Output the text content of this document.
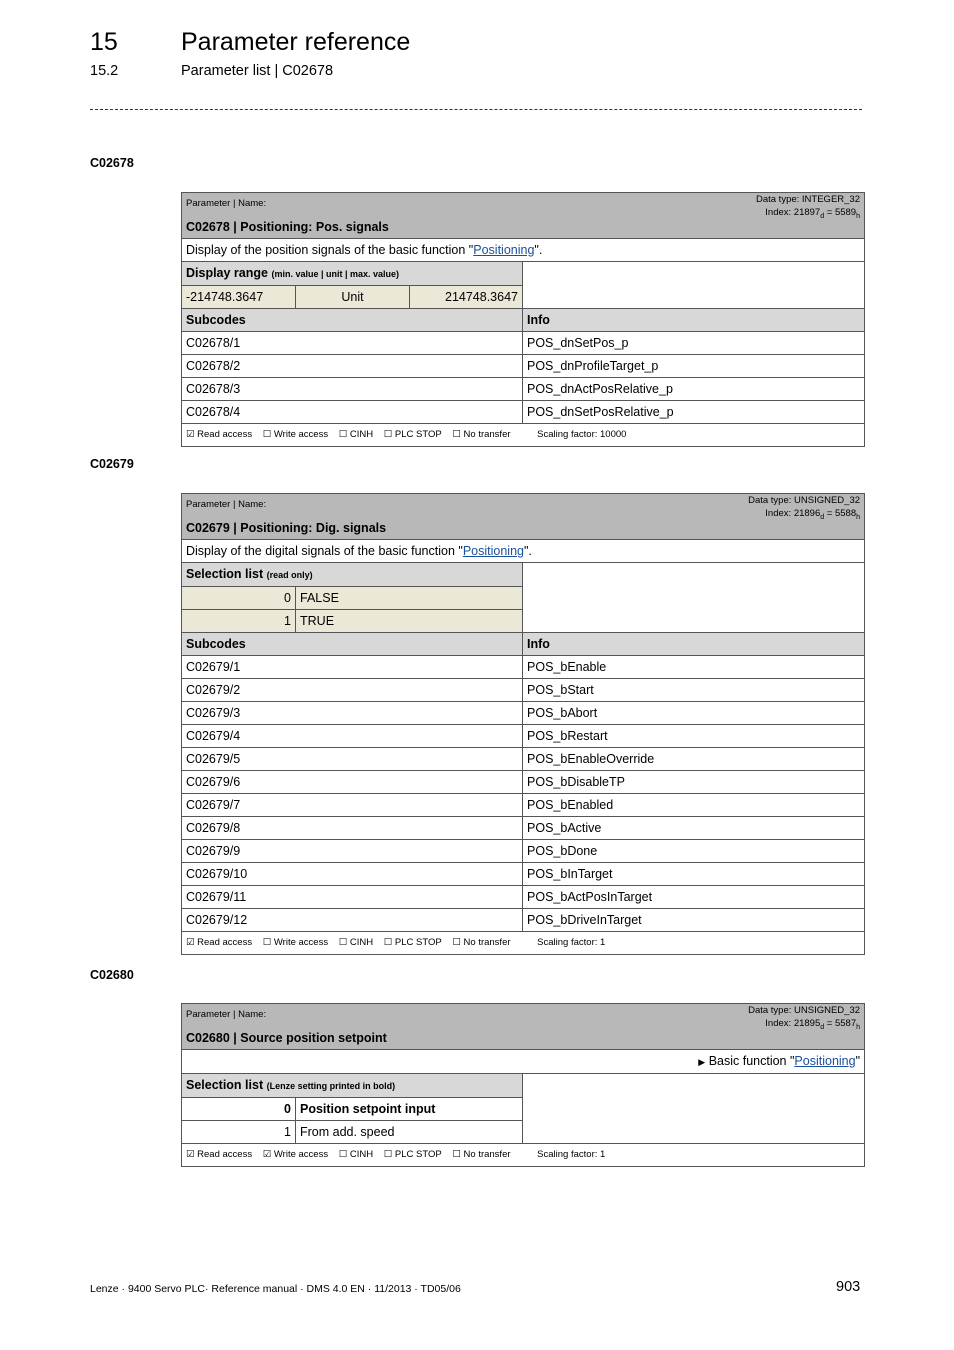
15	Parameter reference
15.2	Parameter list | C02678
C02678
Parameter | Name:
C02678 | Positioning: Pos. signals			Data type: INTEGER_32
Index: $21897_d = 5589_h$
Display of the position signals of the basic function "Positioning".			
Display range (min. value | unit | max. value)			
-214748.3647	Unit	214748.3647	
Subcodes			Info
C02678/1			POS_dnSetPos_p
C02678/2			POS_dnProfileTarget_p
C02678/3			POS_dnActPosRelative_p
C02678/4			POS_dnSetPosRelative_p
☑ Read access ☐ Write access ☐ CINH ☐ PLC STOP ☐ No transfer Scaling factor: 10000			
C02679
Parameter | Name:
C02679 | Positioning: Dig. signals		Data type: UNSIGNED_32
Index: $21896_d = 5588_h$
Display of the digital signals of the basic function "Positioning".		
Selection list (read only)		
0	FALSE	
1	TRUE	
Subcodes		Info
C02679/1		POS_bEnable
C02679/2		POS_bStart
C02679/3		POS_bAbort
C02679/4		POS_bRestart
C02679/5		POS_bEnableOverride
C02679/6		POS_bDisableTP
C02679/7		POS_bEnabled
C02679/8		POS_bActive
C02679/9		POS_bDone
C02679/10		POS_bInTarget
C02679/11		POS_bActPosInTarget
C02679/12		POS_bDriveInTarget
☑ Read access ☐ Write access ☐ CINH ☐ PLC STOP ☐ No transfer Scaling factor: 1		
C02680
Parameter | Name:
C02680 | Source position setpoint		Data type: UNSIGNED_32
Index: $21895_d = 5587_h$
▶ Basic function "Positioning"		
Selection list (Lenze setting printed in bold)		
0	Position setpoint input	
1	From add. speed	
☑ Read access ☑ Write access ☐ CINH ☐ PLC STOP ☐ No transfer Scaling factor: 1		
Lenze · 9400 Servo PLC· Reference manual · DMS 4.0 EN · 11/2013 · TD05/06	903
